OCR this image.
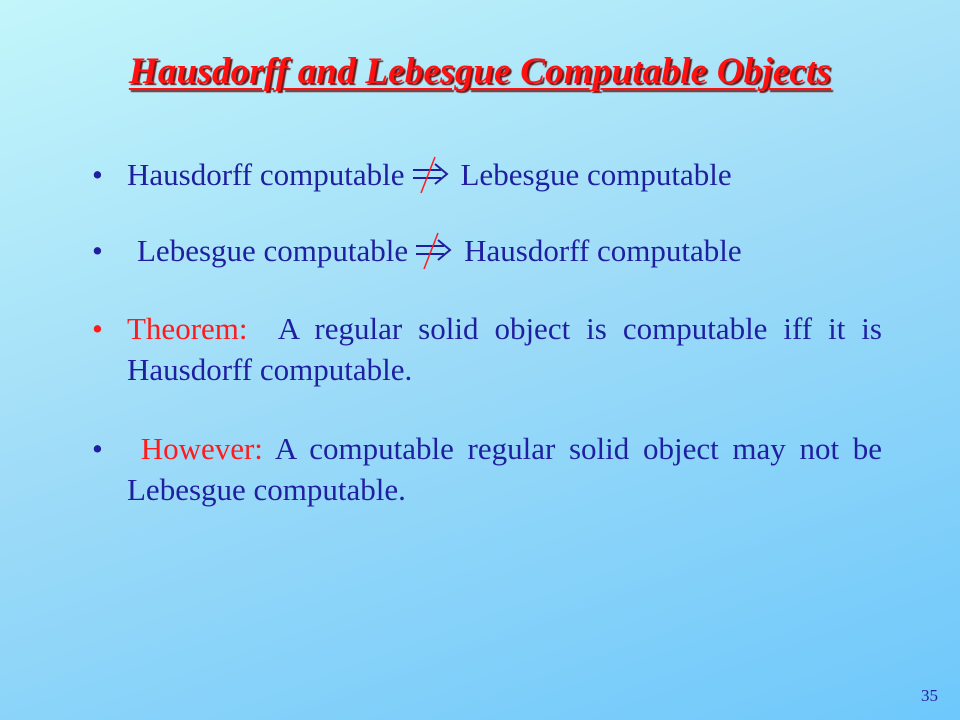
Hausdorff and Lebesgue Computable Objects
• Hausdorff computable Lebesgue computable
• Lebesgue computable Hausdorff computable
• Theorem: A regular solid object is computable iff it is Hausdorff computable.
•	However: A computable regular solid object may not be Lebesgue computable.
35
